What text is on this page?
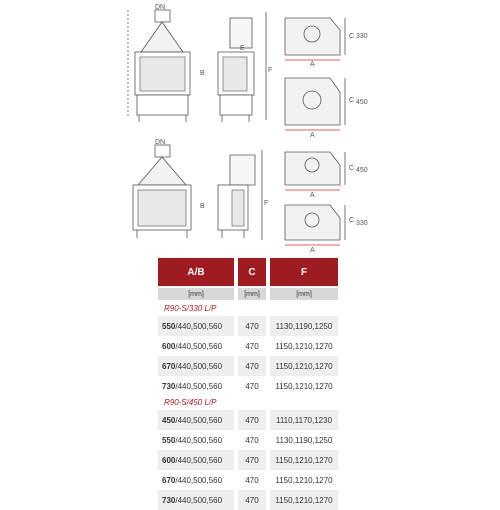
DN
DN
B
B
F
F
A
A
A
A
C
C
C
C
E
330
450
450
330
A/B	C	F
[mm]	[mm]	[mm]
R90-S/330 L/P
550 /440,500,560	470	1130,1190,1250
600 /440,500,560	470	1150,1210,1270
670 /440,500,560	470	1150,1210,1270
730 /440,500,560	470	1150,1210,1270
R90-S/450 L/P
450 /440,500,560	470	1110,1170,1230
550 /440,500,560	470	1130,1190,1250
600 /440,500,560	470	1150,1210,1270
670 /440,500,560	470	1150,1210,1270
730 /440,500,560	470	1150,1210,1270
